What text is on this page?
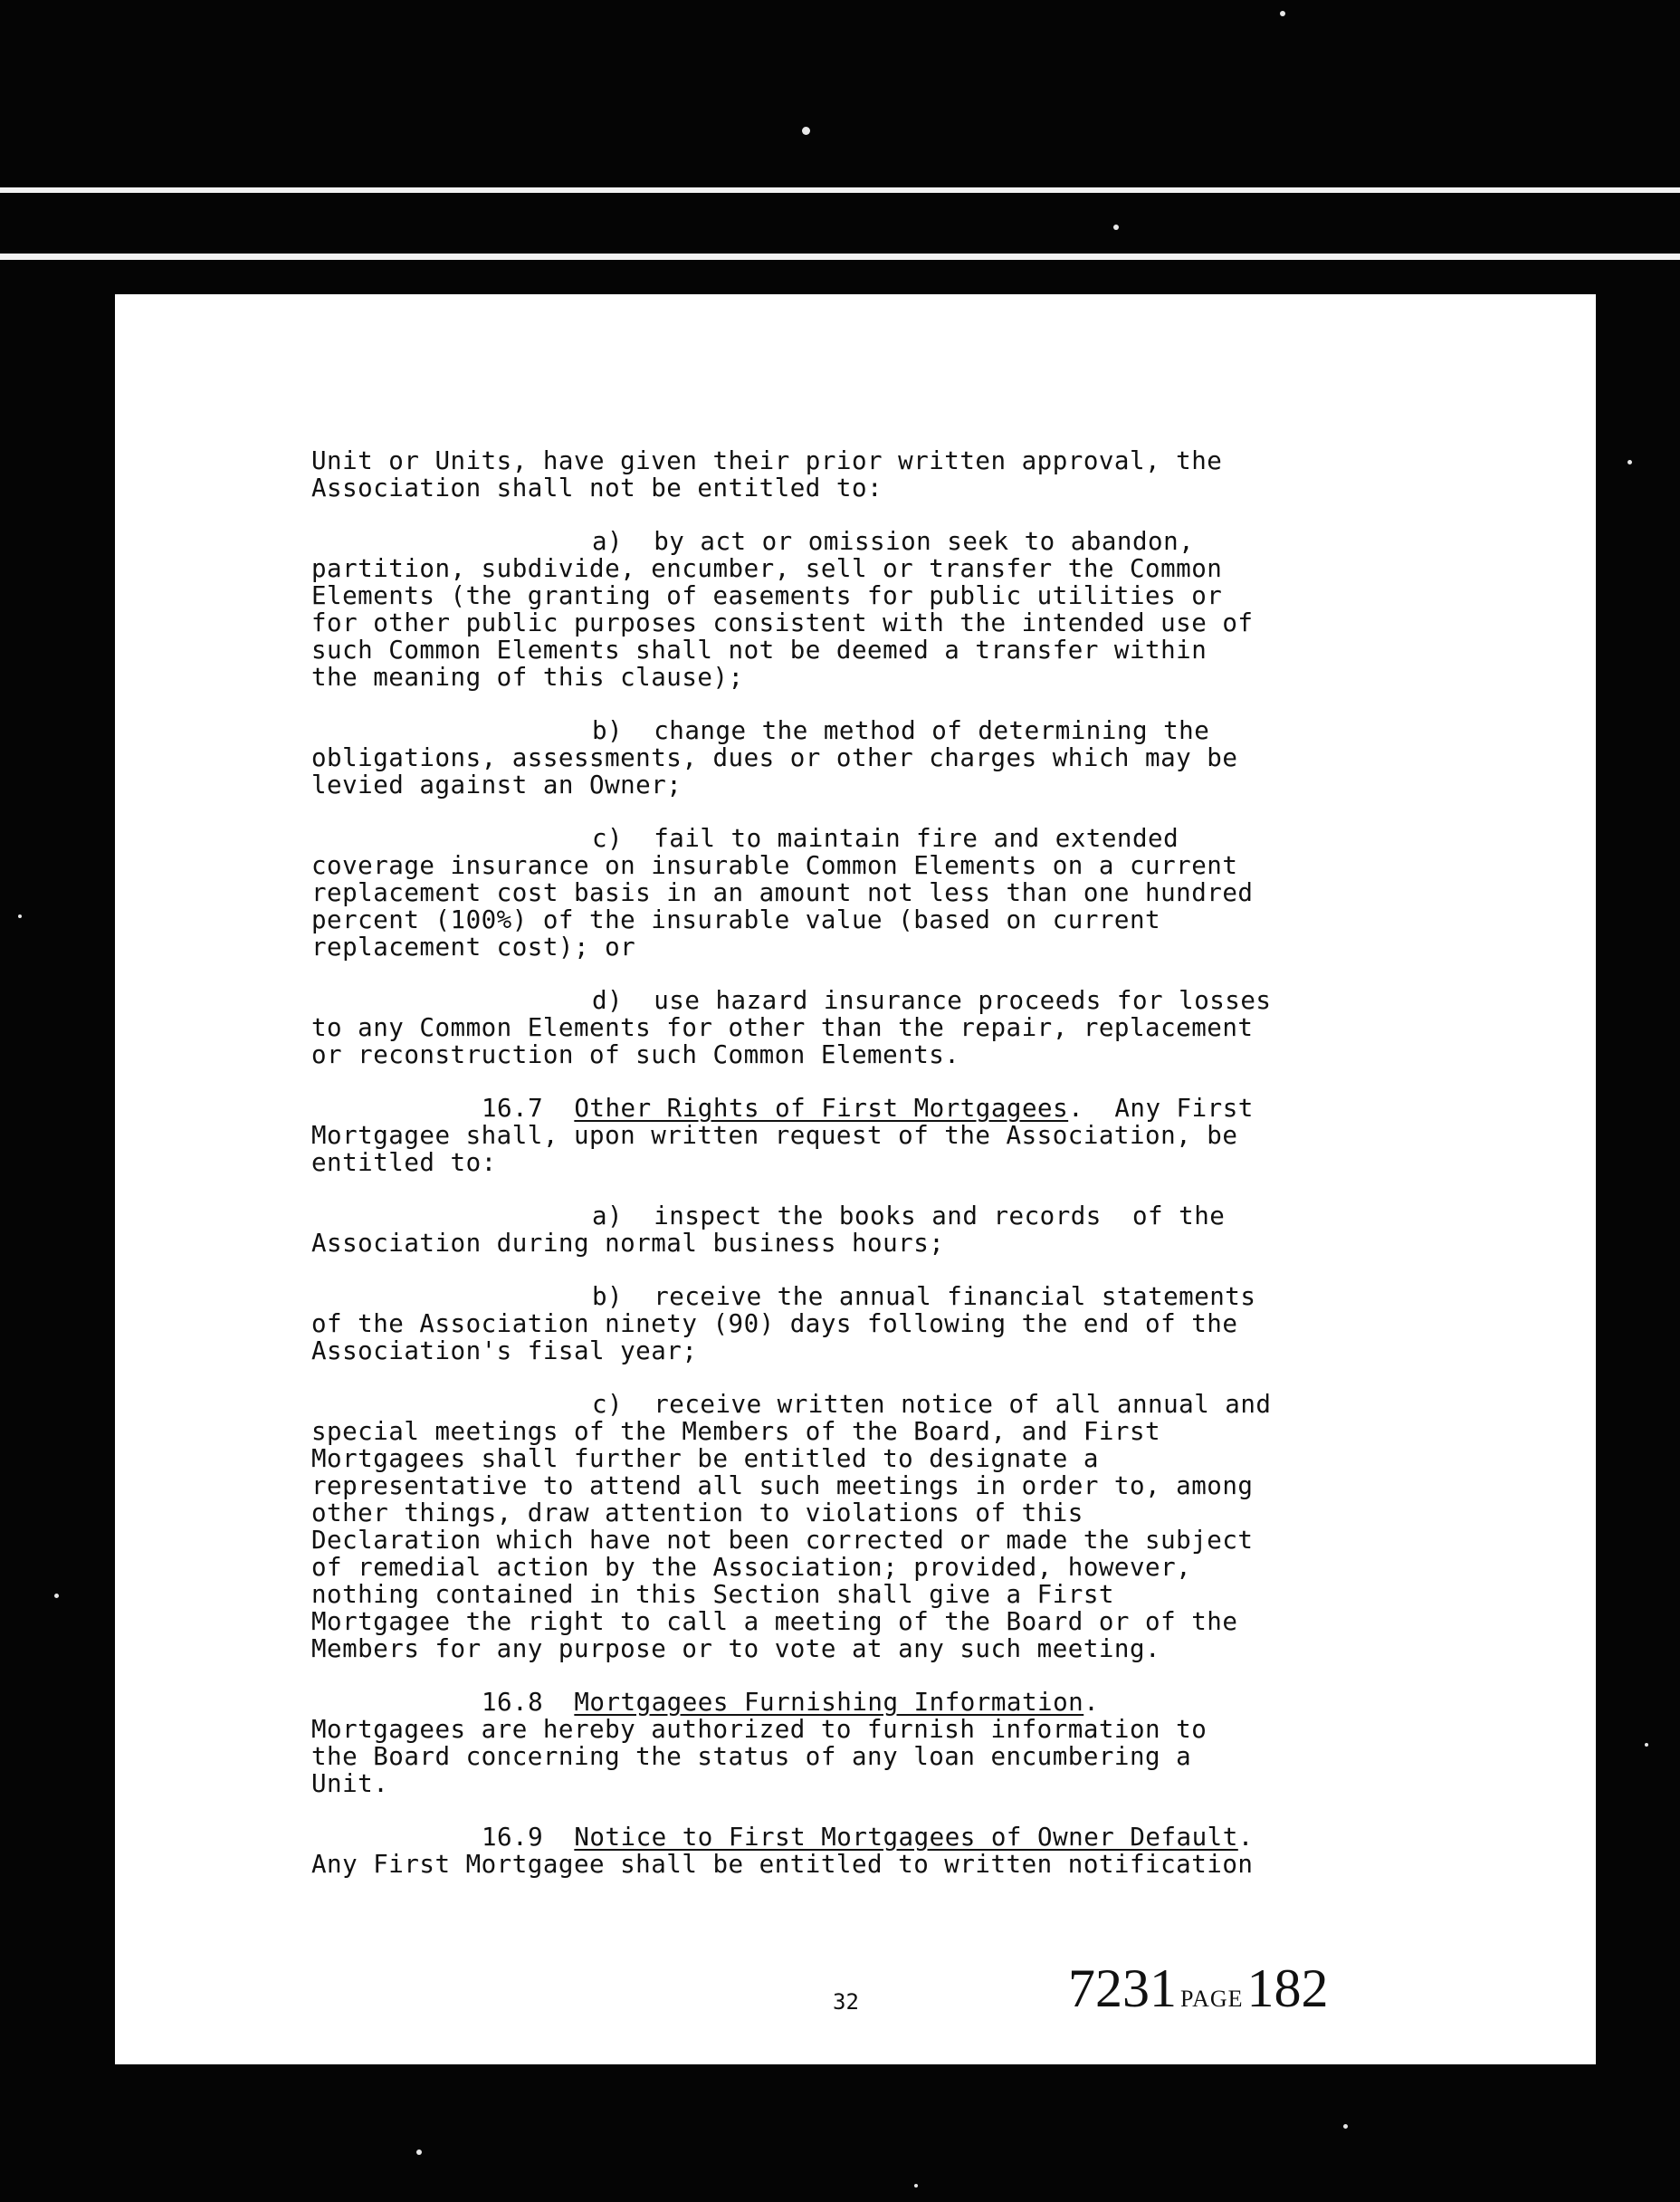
Unit or Units, have given their prior written approval, the
Association shall not be entitled to:
a)  by act or omission seek to abandon,
partition, subdivide, encumber, sell or transfer the Common
Elements (the granting of easements for public utilities or
for other public purposes consistent with the intended use of
such Common Elements shall not be deemed a transfer within
the meaning of this clause);
b)  change the method of determining the
obligations, assessments, dues or other charges which may be
levied against an Owner;
c)  fail to maintain fire and extended
coverage insurance on insurable Common Elements on a current
replacement cost basis in an amount not less than one hundred
percent (100%) of the insurable value (based on current
replacement cost); or
d)  use hazard insurance proceeds for losses
to any Common Elements for other than the repair, replacement
or reconstruction of such Common Elements.
16.7  Other Rights of First Mortgagees.  Any First
Mortgagee shall, upon written request of the Association, be
entitled to:
a)  inspect the books and records  of the
Association during normal business hours;
b)  receive the annual financial statements
of the Association ninety (90) days following the end of the
Association's fisal year;
c)  receive written notice of all annual and
special meetings of the Members of the Board, and First
Mortgagees shall further be entitled to designate a
representative to attend all such meetings in order to, among
other things, draw attention to violations of this
Declaration which have not been corrected or made the subject
of remedial action by the Association; provided, however,
nothing contained in this Section shall give a First
Mortgagee the right to call a meeting of the Board or of the
Members for any purpose or to vote at any such meeting.
16.8  Mortgagees Furnishing Information.
Mortgagees are hereby authorized to furnish information to
the Board concerning the status of any loan encumbering a
Unit.
16.9  Notice to First Mortgagees of Owner Default.
Any First Mortgagee shall be entitled to written notification
32	7231 PAGE 182
